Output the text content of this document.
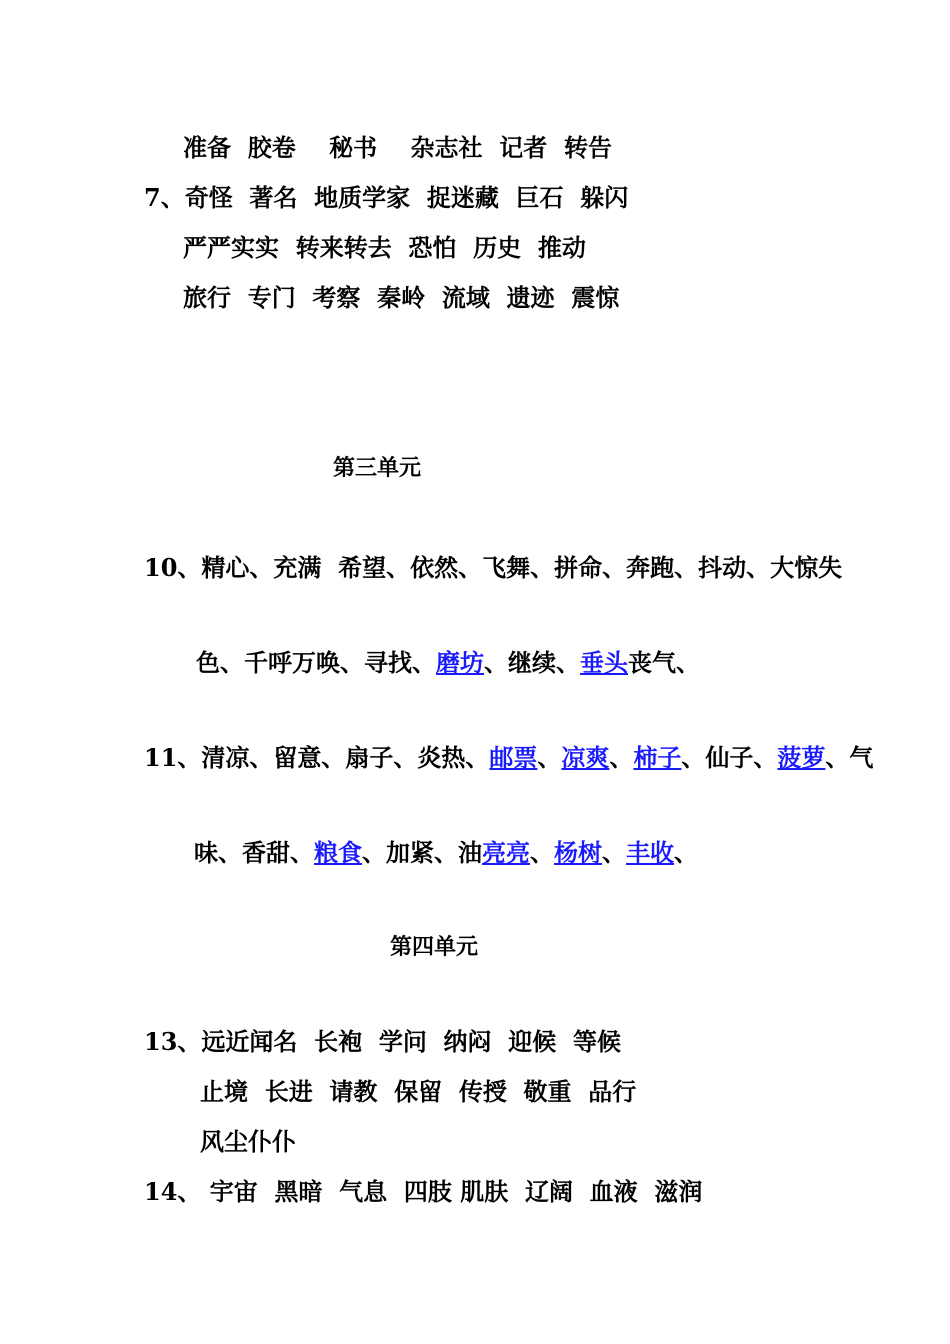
准备  胶卷    秘书    杂志社  记者  转告
7、奇怪  著名  地质学家  捉迷藏  巨石  躲闪
严严实实  转来转去  恐怕  历史  推动
旅行  专门  考察  秦岭  流域  遗迹  震惊
第三单元
10、精心、充满  希望、依然、飞舞、拼命、奔跑、抖动、大惊失
色、千呼万唤、寻找、磨坊、继续、垂头丧气、
11、清凉、留意、扇子、炎热、邮票、凉爽、柿子、仙子、菠萝、气
味、香甜、粮食、加紧、油亮亮、杨树、丰收、
第四单元
13、远近闻名  长袍  学问  纳闷  迎候  等候
止境  长进  请教  保留  传授  敬重  品行
风尘仆仆
14、 宇宙  黑暗  气息  四肢 肌肤  辽阔  血液  滋润
